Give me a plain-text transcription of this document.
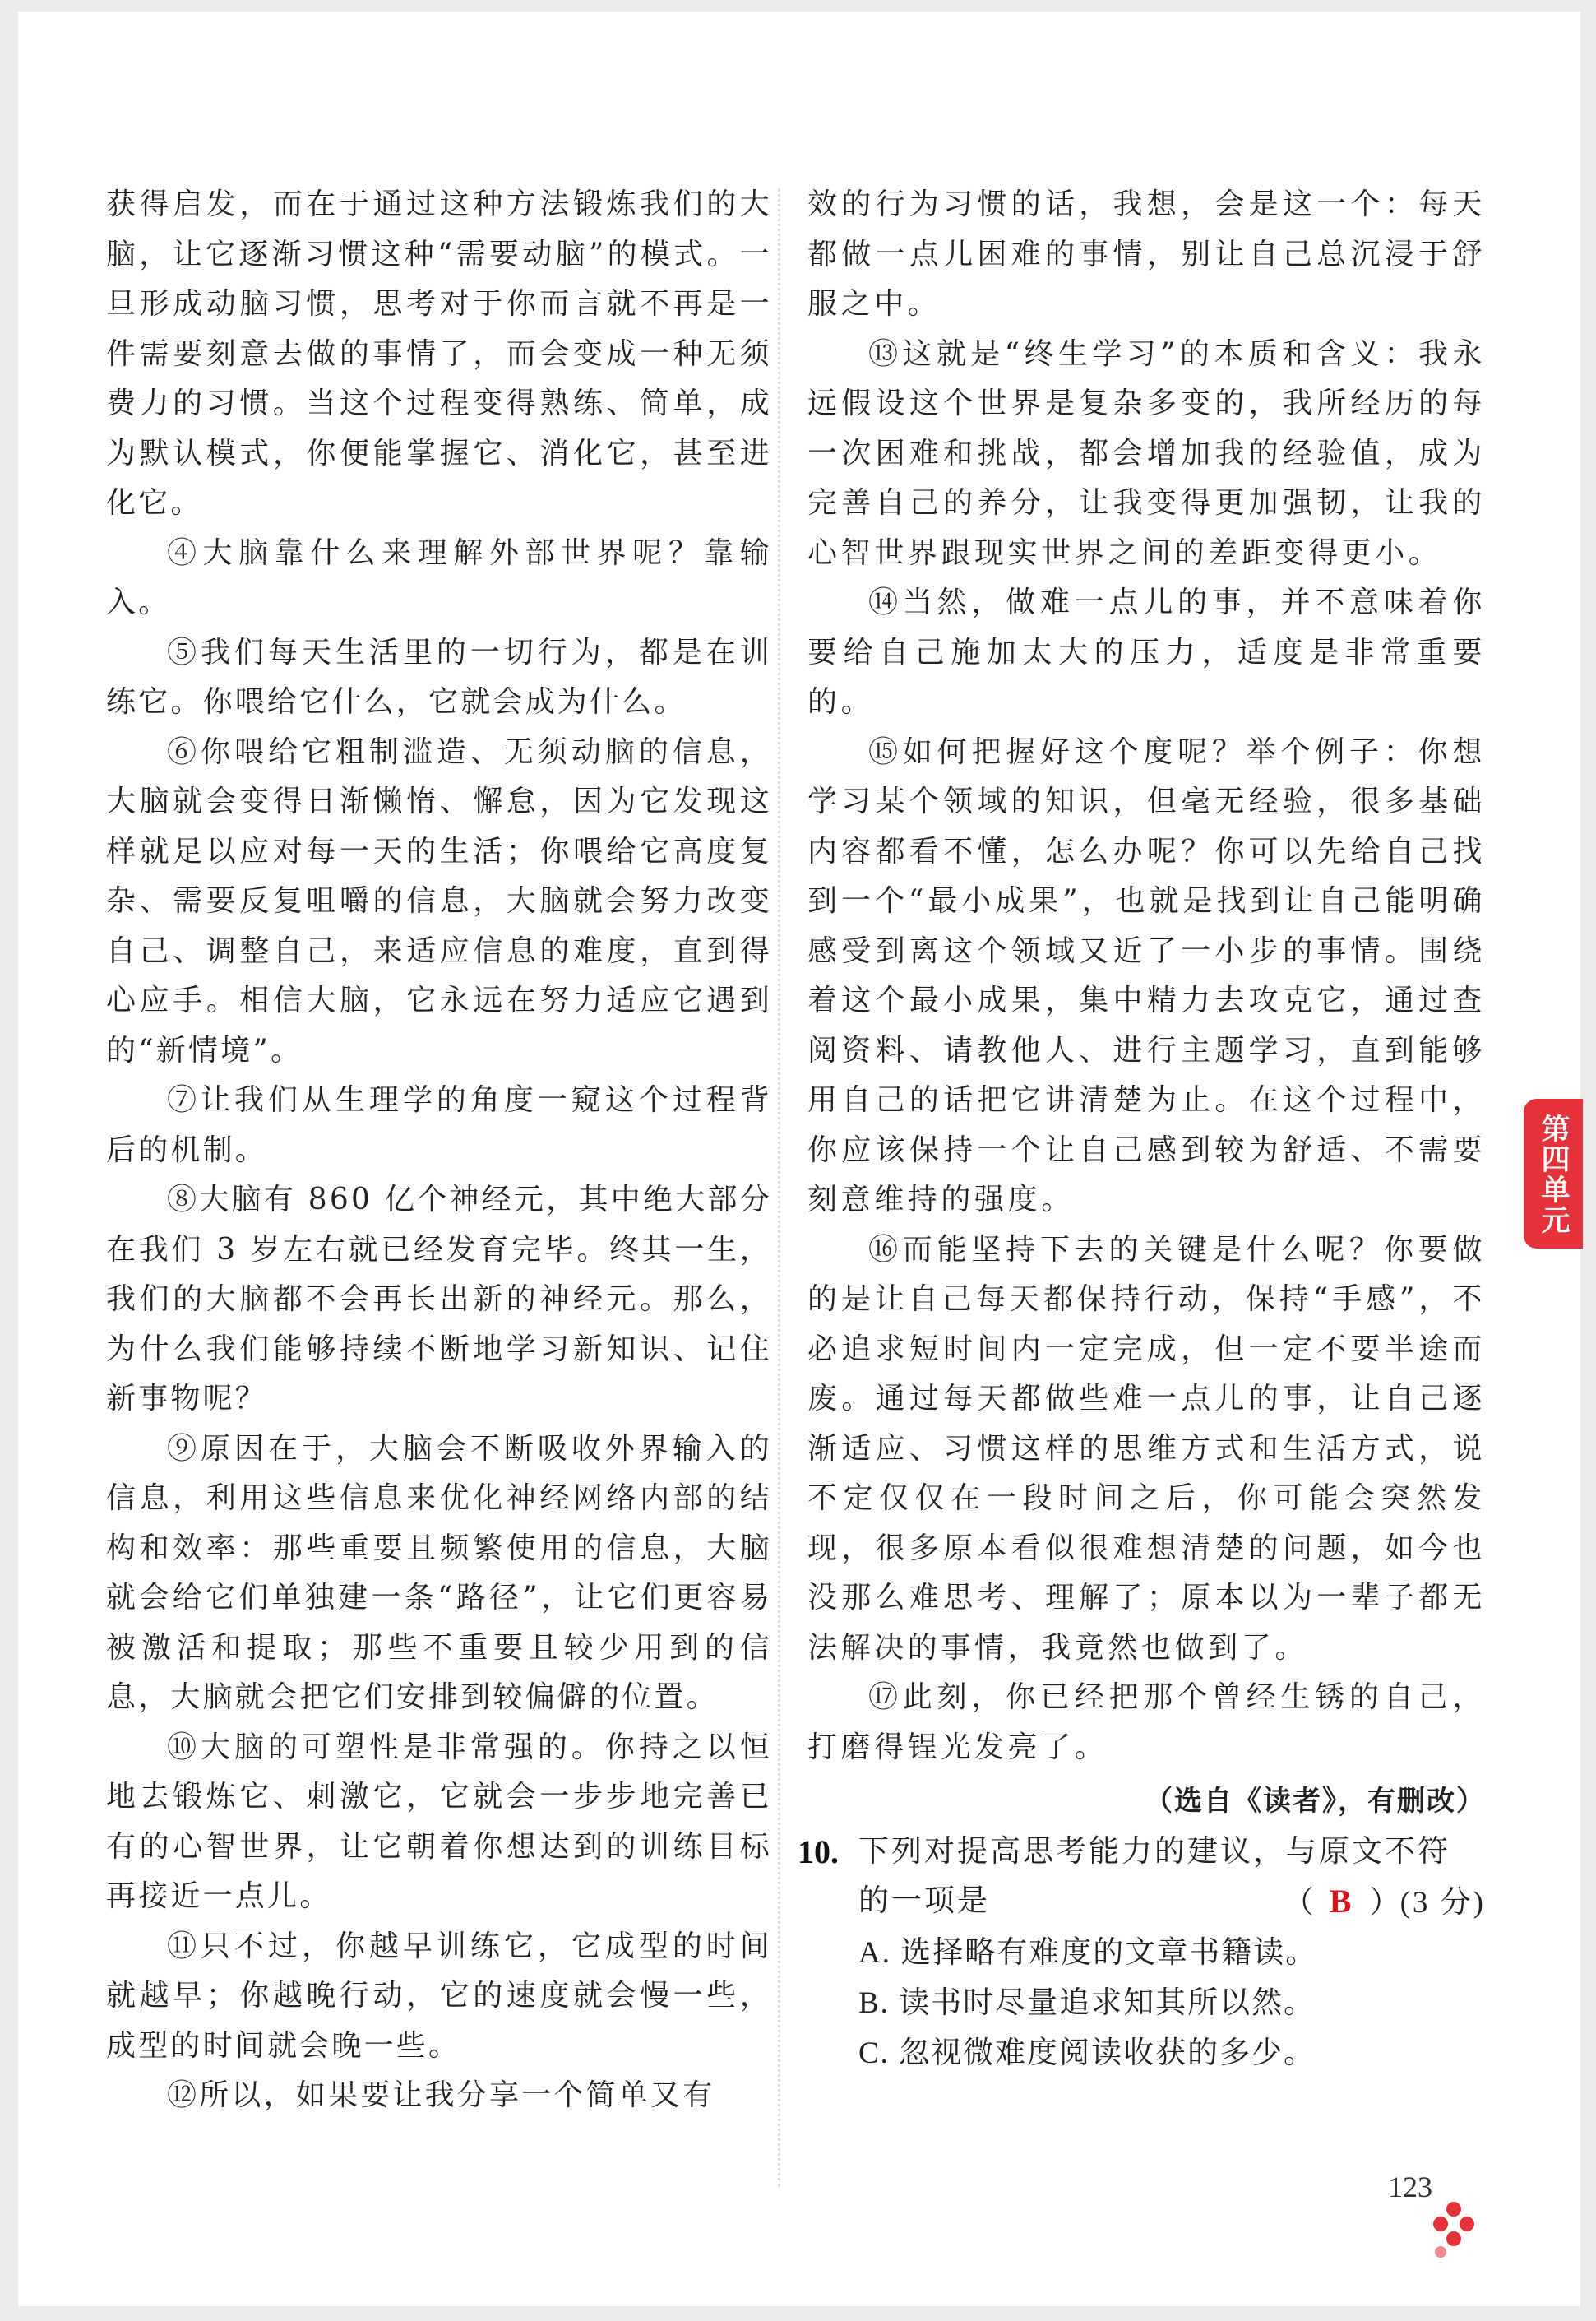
获得启发，而在于通过这种方法锻炼我们的大脑，让它逐渐习惯这种“需要动脑”的模式。一旦形成动脑习惯，思考对于你而言就不再是一件需要刻意去做的事情了，而会变成一种无须费力的习惯。当这个过程变得熟练、简单，成为默认模式，你便能掌握它、消化它，甚至进化它。

④大脑靠什么来理解外部世界呢？靠输入。

⑤我们每天生活里的一切行为，都是在训练它。你喂给它什么，它就会成为什么。

⑥你喂给它粗制滥造、无须动脑的信息，大脑就会变得日渐懒惰、懈怠，因为它发现这样就足以应对每一天的生活；你喂给它高度复杂、需要反复咀嚼的信息，大脑就会努力改变自己、调整自己，来适应信息的难度，直到得心应手。相信大脑，它永远在努力适应它遇到的“新情境”。

⑦让我们从生理学的角度一窥这个过程背后的机制。

⑧大脑有 860 亿个神经元，其中绝大部分在我们 3 岁左右就已经发育完毕。终其一生，我们的大脑都不会再长出新的神经元。那么，为什么我们能够持续不断地学习新知识、记住新事物呢？

⑨原因在于，大脑会不断吸收外界输入的信息，利用这些信息来优化神经网络内部的结构和效率：那些重要且频繁使用的信息，大脑就会给它们单独建一条“路径”，让它们更容易被激活和提取；那些不重要且较少用到的信息，大脑就会把它们安排到较偏僻的位置。

⑩大脑的可塑性是非常强的。你持之以恒地去锻炼它、刺激它，它就会一步步地完善已有的心智世界，让它朝着你想达到的训练目标再接近一点儿。

⑪只不过，你越早训练它，它成型的时间就越早；你越晚行动，它的速度就会慢一些，成型的时间就会晚一些。

⑫所以，如果要让我分享一个简单又有

效的行为习惯的话，我想，会是这一个：每天都做一点儿困难的事情，别让自己总沉浸于舒服之中。

⑬这就是“终生学习”的本质和含义：我永远假设这个世界是复杂多变的，我所经历的每一次困难和挑战，都会增加我的经验值，成为完善自己的养分，让我变得更加强韧，让我的心智世界跟现实世界之间的差距变得更小。

⑭当然，做难一点儿的事，并不意味着你要给自己施加太大的压力，适度是非常重要的。

⑮如何把握好这个度呢？举个例子：你想学习某个领域的知识，但毫无经验，很多基础内容都看不懂，怎么办呢？你可以先给自己找到一个“最小成果”，也就是找到让自己能明确感受到离这个领域又近了一小步的事情。围绕着这个最小成果，集中精力去攻克它，通过查阅资料、请教他人、进行主题学习，直到能够用自己的话把它讲清楚为止。在这个过程中，你应该保持一个让自己感到较为舒适、不需要刻意维持的强度。

⑯而能坚持下去的关键是什么呢？你要做的是让自己每天都保持行动，保持“手感”，不必追求短时间内一定完成，但一定不要半途而废。通过每天都做些难一点儿的事，让自己逐渐适应、习惯这样的思维方式和生活方式，说不定仅仅在一段时间之后，你可能会突然发现，很多原本看似很难想清楚的问题，如今也没那么难思考、理解了；原本以为一辈子都无法解决的事情，我竟然也做到了。

⑰此刻，你已经把那个曾经生锈的自己，打磨得锃光发亮了。

（选自《读者》，有删改）
10. 下列对提高思考能力的建议，与原文不符
的一项是	（ B ）(3 分)
A. 选择略有难度的文章书籍读。
B. 读书时尽量追求知其所以然。
C. 忽视微难度阅读收获的多少。
第四单元
123
